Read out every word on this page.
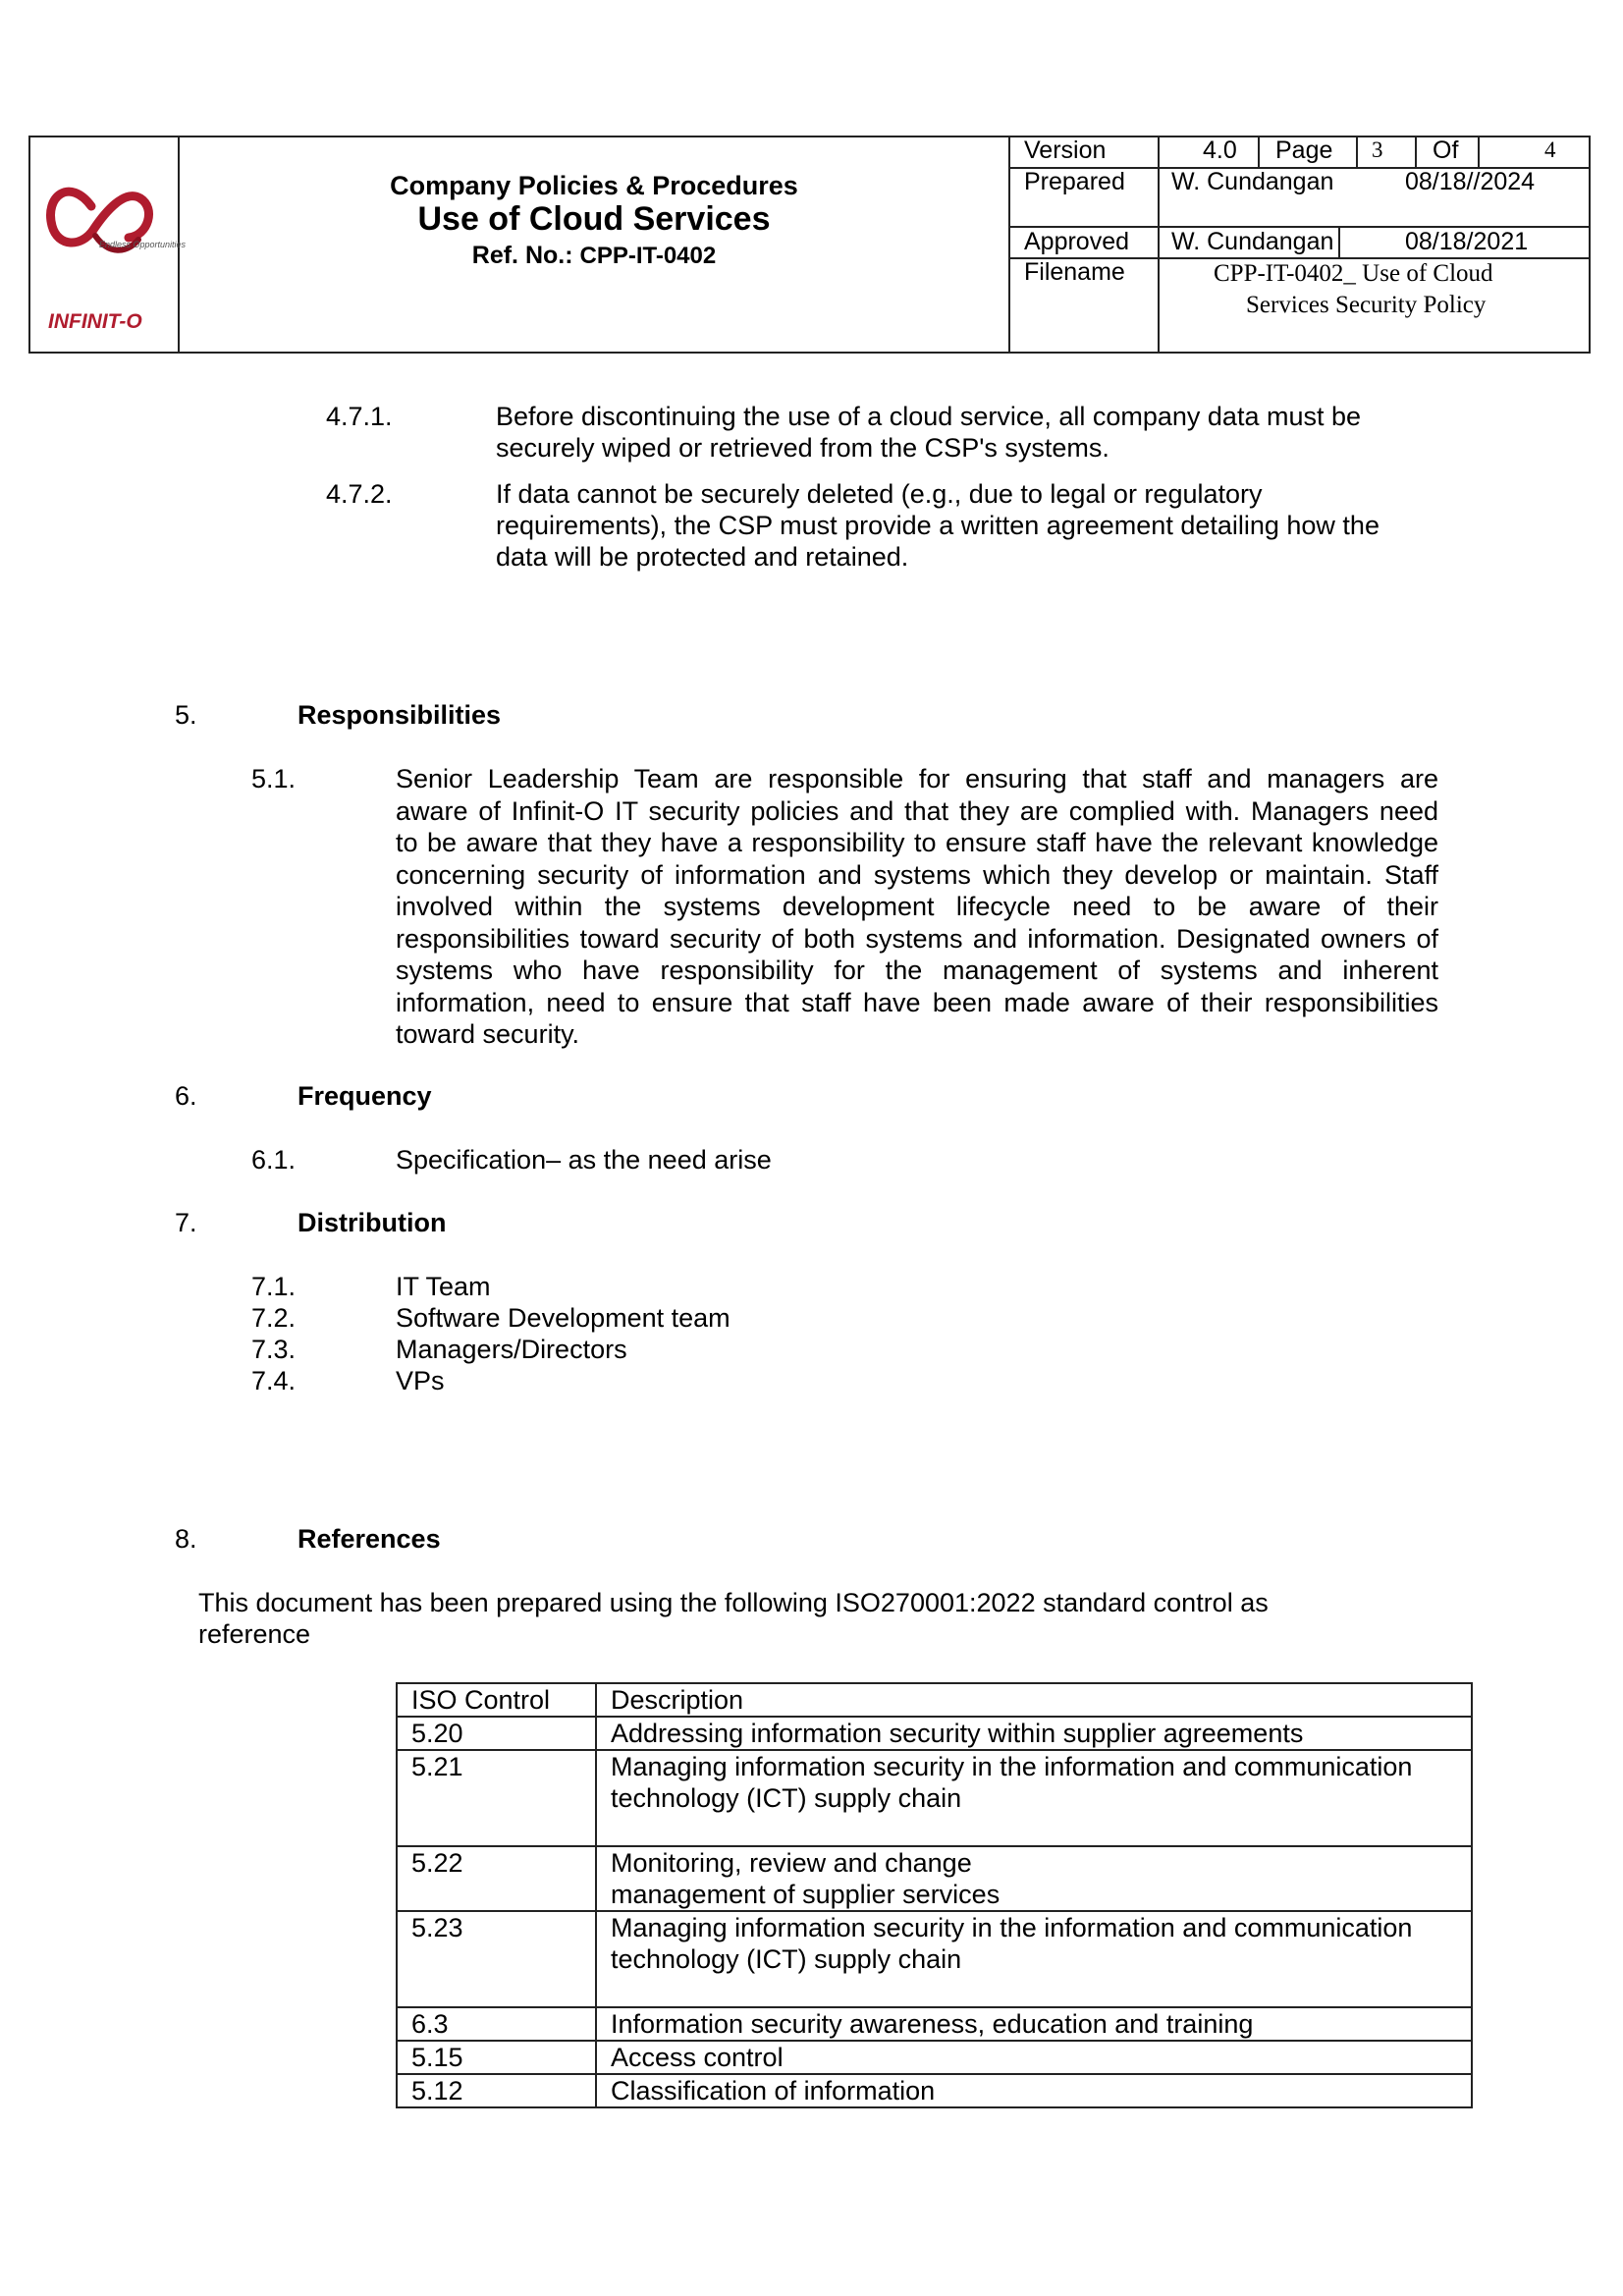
INFINIT-O
Endless Opportunities
Company Policies & Procedures
Use of Cloud Services
Ref. No.: CPP-IT-0402
Version	4.0	Page	3	Of	4
Prepared	W. Cundangan	08/18//2024
Approved	W. Cundangan	08/18/2021
Filename	CPP-IT-0402_ Use of Cloud
Services Security Policy
4.7.1.	Before discontinuing the use of a cloud service, all company data must be
securely wiped or retrieved from the CSP's systems.
4.7.2.	If data cannot be securely deleted (e.g., due to legal or regulatory
requirements), the CSP must provide a written agreement detailing how the
data will be protected and retained.
5.	Responsibilities
5.1.	Senior Leadership Team are responsible for ensuring that staff and managers are
aware of Infinit-O IT security policies and that they are complied with. Managers need
to be aware that they have a responsibility to ensure staff have the relevant knowledge
concerning security of information and systems which they develop or maintain. Staff
involved within the systems development lifecycle need to be aware of their
responsibilities toward security of both systems and information. Designated owners of
systems who have responsibility for the management of systems and inherent
information, need to ensure that staff have been made aware of their responsibilities
toward security.
6.	Frequency
6.1.	Specification– as the need arise
7.	Distribution
7.1.	IT Team
7.2.	Software Development team
7.3.	Managers/Directors
7.4.	VPs
8.	References
This document has been prepared using the following ISO270001:2022 standard control as
reference
ISO Control	Description
5.20	Addressing information security within supplier agreements

5.21	Managing information security in the information and communication
technology (ICT) supply chain

5.22	Monitoring, review and change
management of supplier services

5.23	Managing information security in the information and communication
technology (ICT) supply chain

6.3	Information security awareness, education and training

5.15	Access control

5.12	Classification of information
